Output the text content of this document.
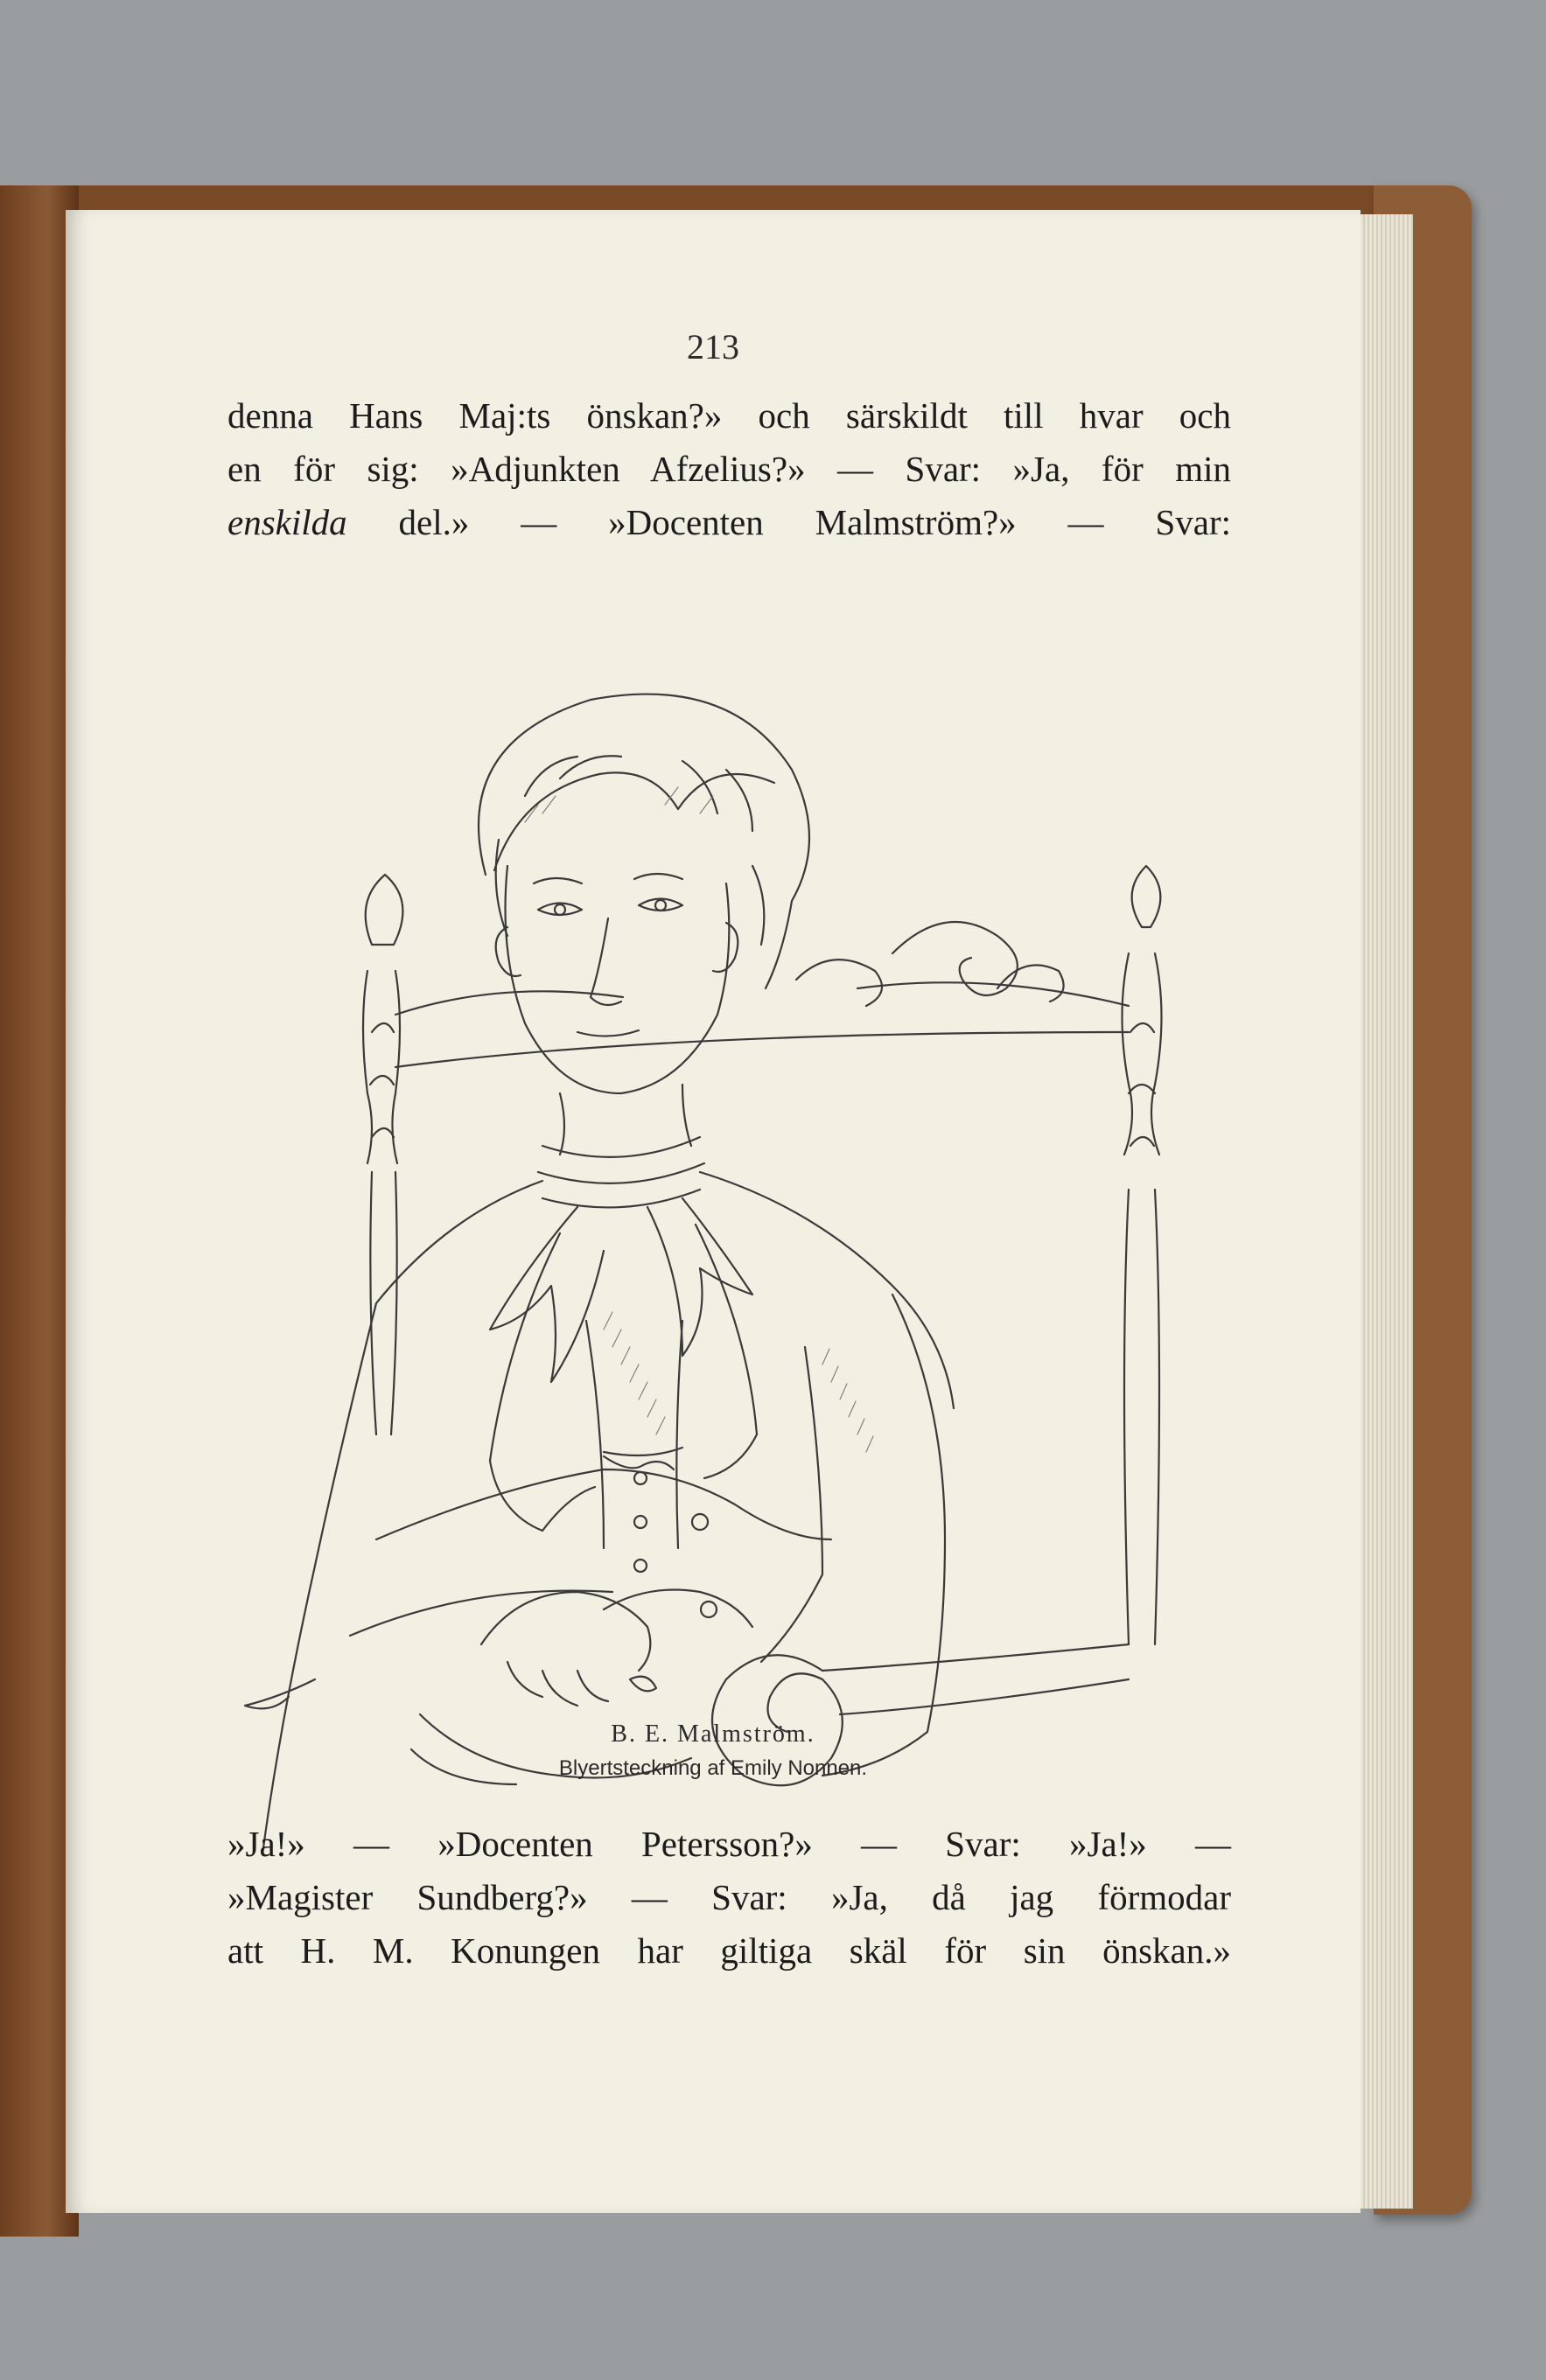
213
denna Hans Maj:ts önskan?» och särskildt till hvar och
en för sig: »Adjunkten Afzelius?» — Svar: »Ja, för min
enskilda del.» — »Docenten Malmström?» — Svar:
B. E. Malmström.
Blyertsteckning af Emily Nonnen.
»Ja!» — »Docenten Petersson?» — Svar: »Ja!» —
»Magister Sundberg?» — Svar: »Ja, då jag förmodar
att H. M. Konungen har giltiga skäl för sin önskan.»
